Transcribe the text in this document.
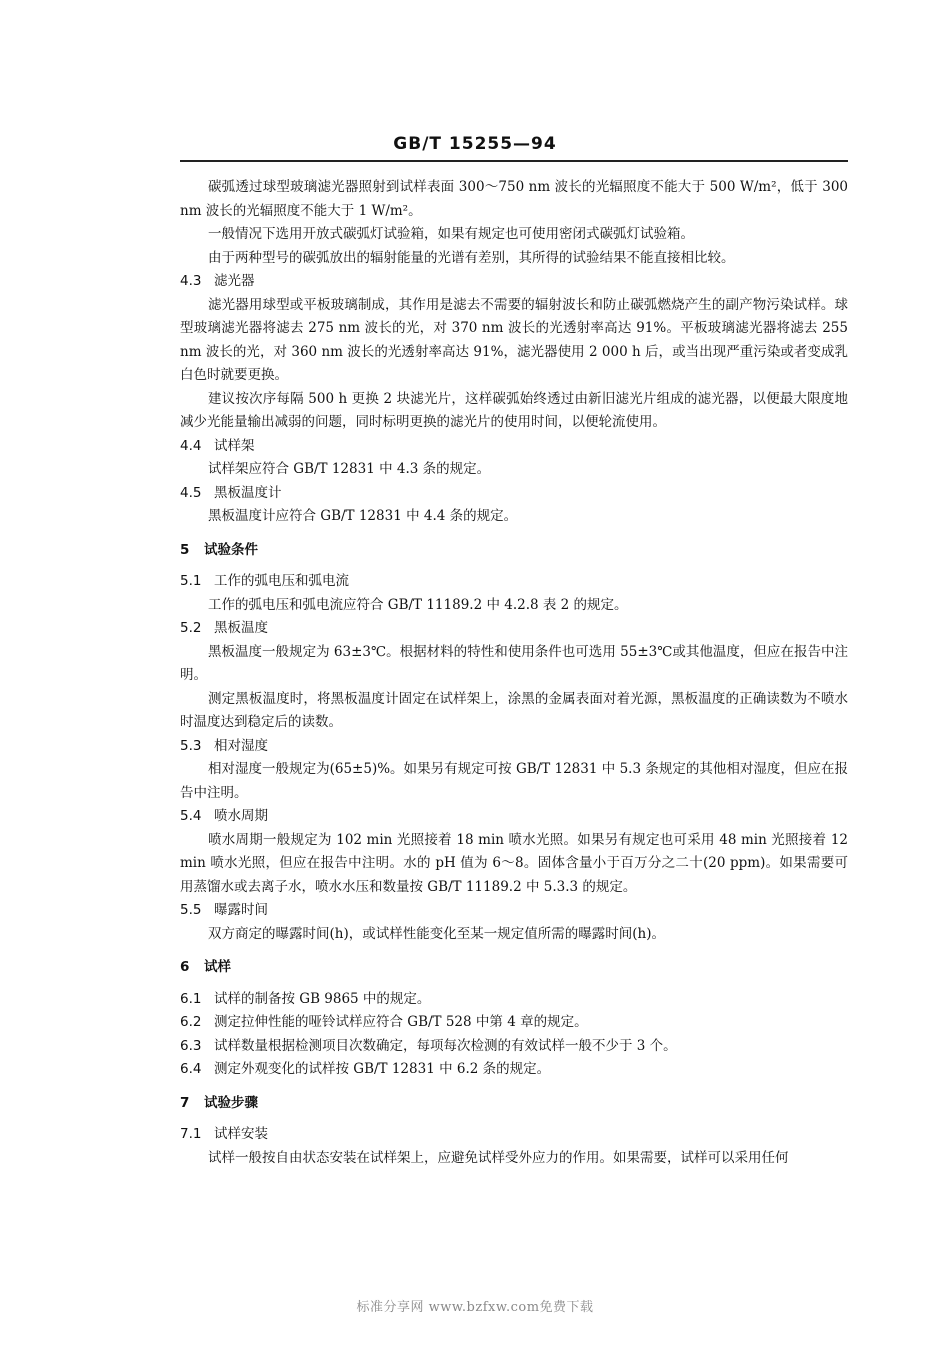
GB/T 15255—94

碳弧透过球型玻璃滤光器照射到试样表面 300～750 nm 波长的光辐照度不能大于 500 W/m²，低于 300 nm 波长的光辐照度不能大于 1 W/m²。

一般情况下选用开放式碳弧灯试验箱，如果有规定也可使用密闭式碳弧灯试验箱。

由于两种型号的碳弧放出的辐射能量的光谱有差别，其所得的试验结果不能直接相比较。

4.3 滤光器

滤光器用球型或平板玻璃制成，其作用是滤去不需要的辐射波长和防止碳弧燃烧产生的副产物污染试样。球型玻璃滤光器将滤去 275 nm 波长的光，对 370 nm 波长的光透射率高达 91%。平板玻璃滤光器将滤去 255 nm 波长的光，对 360 nm 波长的光透射率高达 91%，滤光器使用 2 000 h 后，或当出现严重污染或者变成乳白色时就要更换。

建议按次序每隔 500 h 更换 2 块滤光片，这样碳弧始终透过由新旧滤光片组成的滤光器，以便最大限度地减少光能量输出减弱的问题，同时标明更换的滤光片的使用时间，以便轮流使用。

4.4 试样架

试样架应符合 GB/T 12831 中 4.3 条的规定。

4.5 黑板温度计

黑板温度计应符合 GB/T 12831 中 4.4 条的规定。

5 试验条件

5.1 工作的弧电压和弧电流

工作的弧电压和弧电流应符合 GB/T 11189.2 中 4.2.8 表 2 的规定。

5.2 黑板温度

黑板温度一般规定为 63±3℃。根据材料的特性和使用条件也可选用 55±3℃或其他温度，但应在报告中注明。

测定黑板温度时，将黑板温度计固定在试样架上，涂黑的金属表面对着光源，黑板温度的正确读数为不喷水时温度达到稳定后的读数。

5.3 相对湿度

相对湿度一般规定为(65±5)%。如果另有规定可按 GB/T 12831 中 5.3 条规定的其他相对湿度，但应在报告中注明。

5.4 喷水周期

喷水周期一般规定为 102 min 光照接着 18 min 喷水光照。如果另有规定也可采用 48 min 光照接着 12 min 喷水光照，但应在报告中注明。水的 pH 值为 6～8。固体含量小于百万分之二十(20 ppm)。如果需要可用蒸馏水或去离子水，喷水水压和数量按 GB/T 11189.2 中 5.3.3 的规定。

5.5 曝露时间

双方商定的曝露时间(h)，或试样性能变化至某一规定值所需的曝露时间(h)。

6 试样

6.1 试样的制备按 GB 9865 中的规定。

6.2 测定拉伸性能的哑铃试样应符合 GB/T 528 中第 4 章的规定。

6.3 试样数量根据检测项目次数确定，每项每次检测的有效试样一般不少于 3 个。

6.4 测定外观变化的试样按 GB/T 12831 中 6.2 条的规定。

7 试验步骤

7.1 试样安装

试样一般按自由状态安装在试样架上，应避免试样受外应力的作用。如果需要，试样可以采用任何

标准分享网 www.bzfxw.com免费下载
